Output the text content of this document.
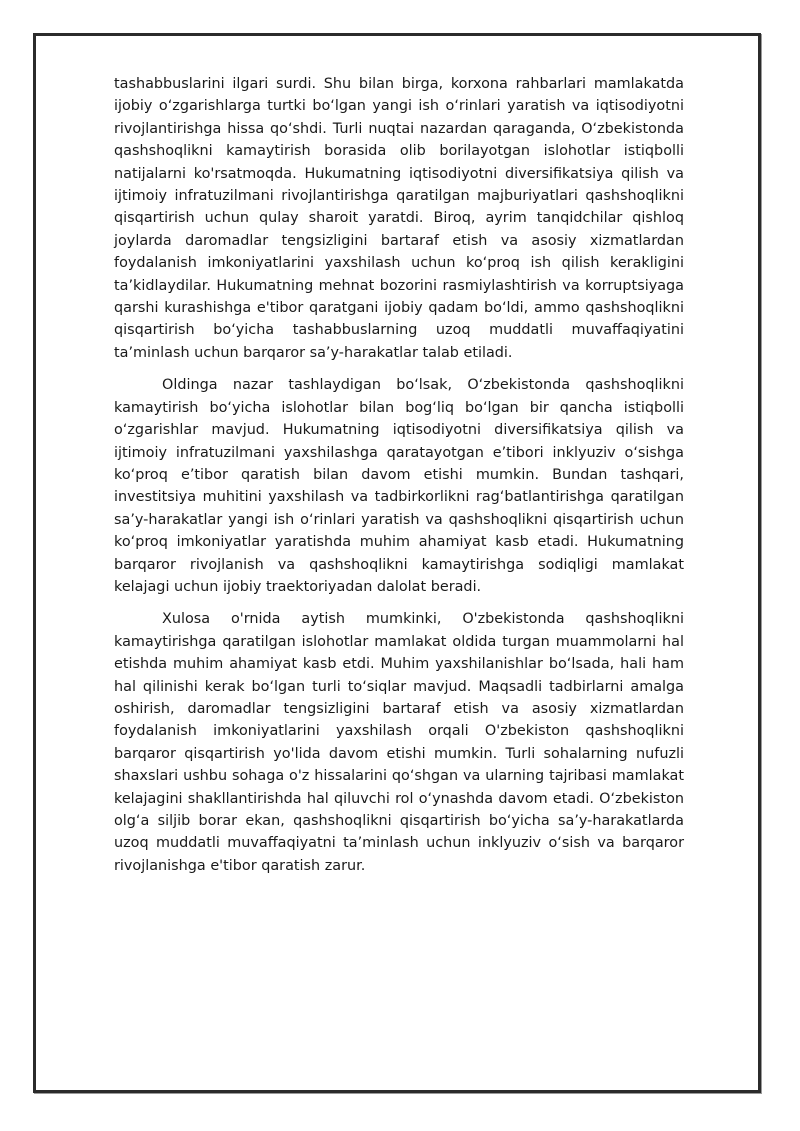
tashabbuslarini ilgari surdi. Shu bilan birga, korxona rahbarlari mamlakatda ijobiy o‘zgarishlarga turtki bo‘lgan yangi ish o‘rinlari yaratish va iqtisodiyotni rivojlantirishga hissa qo‘shdi. Turli nuqtai nazardan qaraganda, O‘zbekistonda qashshoqlikni kamaytirish borasida olib borilayotgan islohotlar istiqbolli natijalarni ko'rsatmoqda. Hukumatning iqtisodiyotni diversifikatsiya qilish va ijtimoiy infratuzilmani rivojlantirishga qaratilgan majburiyatlari qashshoqlikni qisqartirish uchun qulay sharoit yaratdi. Biroq, ayrim tanqidchilar qishloq joylarda daromadlar tengsizligini bartaraf etish va asosiy xizmatlardan foydalanish imkoniyatlarini yaxshilash uchun ko‘proq ish qilish kerakligini ta’kidlaydilar. Hukumatning mehnat bozorini rasmiylashtirish va korruptsiyaga qarshi kurashishga e'tibor qaratgani ijobiy qadam bo‘ldi, ammo qashshoqlikni qisqartirish bo‘yicha tashabbuslarning uzoq muddatli muvaffaqiyatini ta’minlash uchun barqaror sa’y-harakatlar talab etiladi.

Oldinga nazar tashlaydigan bo‘lsak, O‘zbekistonda qashshoqlikni kamaytirish bo‘yicha islohotlar bilan bog‘liq bo‘lgan bir qancha istiqbolli o‘zgarishlar mavjud. Hukumatning iqtisodiyotni diversifikatsiya qilish va ijtimoiy infratuzilmani yaxshilashga qaratayotgan e’tibori inklyuziv o‘sishga ko‘proq e’tibor qaratish bilan davom etishi mumkin. Bundan tashqari, investitsiya muhitini yaxshilash va tadbirkorlikni rag‘batlantirishga qaratilgan sa’y-harakatlar yangi ish o‘rinlari yaratish va qashshoqlikni qisqartirish uchun ko‘proq imkoniyatlar yaratishda muhim ahamiyat kasb etadi. Hukumatning barqaror rivojlanish va qashshoqlikni kamaytirishga sodiqligi mamlakat kelajagi uchun ijobiy traektoriyadan dalolat beradi.

Xulosa o'rnida aytish mumkinki, O'zbekistonda qashshoqlikni kamaytirishga qaratilgan islohotlar mamlakat oldida turgan muammolarni hal etishda muhim ahamiyat kasb etdi. Muhim yaxshilanishlar bo‘lsada, hali ham hal qilinishi kerak bo‘lgan turli to‘siqlar mavjud. Maqsadli tadbirlarni amalga oshirish, daromadlar tengsizligini bartaraf etish va asosiy xizmatlardan foydalanish imkoniyatlarini yaxshilash orqali O'zbekiston qashshoqlikni barqaror qisqartirish yo'lida davom etishi mumkin. Turli sohalarning nufuzli shaxslari ushbu sohaga o'z hissalarini qo‘shgan va ularning tajribasi mamlakat kelajagini shakllantirishda hal qiluvchi rol o‘ynashda davom etadi. O‘zbekiston olg‘a siljib borar ekan, qashshoqlikni qisqartirish bo‘yicha sa’y-harakatlarda uzoq muddatli muvaffaqiyatni ta’minlash uchun inklyuziv o‘sish va barqaror rivojlanishga e'tibor qaratish zarur.
